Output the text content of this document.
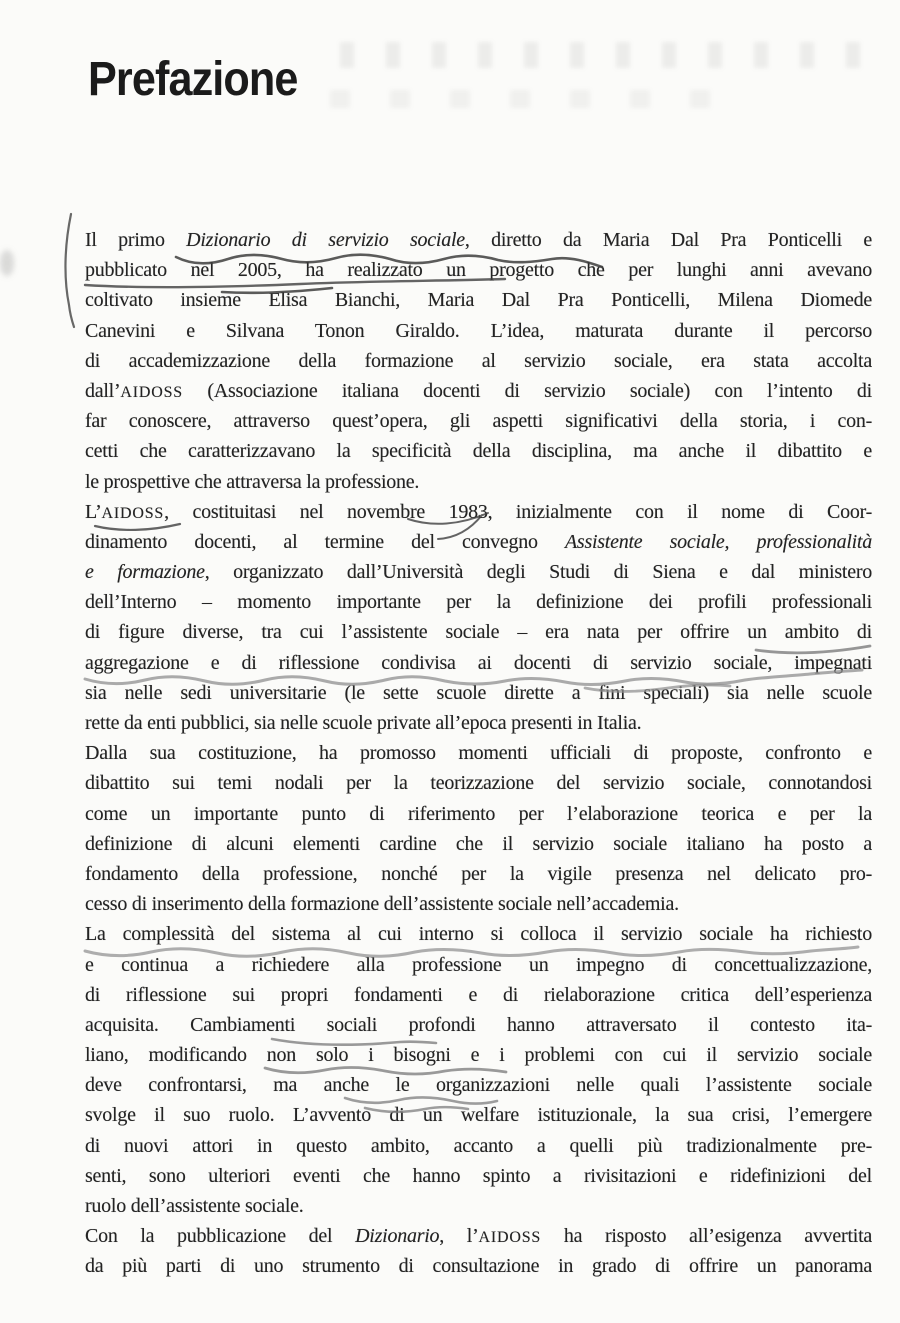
Prefazione
Il primo Dizionario di servizio sociale, diretto da Maria Dal Pra Ponticelli e
pubblicato nel 2005, ha realizzato un progetto che per lunghi anni avevano
coltivato insieme Elisa Bianchi, Maria Dal Pra Ponticelli, Milena Diomede
Canevini e Silvana Tonon Giraldo. L’idea, maturata durante il percorso
di accademizzazione della formazione al servizio sociale, era stata accolta
dall’AIDOSS (Associazione italiana docenti di servizio sociale) con l’intento di
far conoscere, attraverso quest’opera, gli aspetti significativi della storia, i con-
cetti che caratterizzavano la specificità della disciplina, ma anche il dibattito e
le prospettive che attraversa la professione.
L’AIDOSS, costituitasi nel novembre 1983, inizialmente con il nome di Coor-
dinamento docenti, al termine del convegno Assistente sociale, professionalità
e formazione, organizzato dall’Università degli Studi di Siena e dal ministero
dell’Interno – momento importante per la definizione dei profili professionali
di figure diverse, tra cui l’assistente sociale – era nata per offrire un ambito di
aggregazione e di riflessione condivisa ai docenti di servizio sociale, impegnati
sia nelle sedi universitarie (le sette scuole dirette a fini speciali) sia nelle scuole
rette da enti pubblici, sia nelle scuole private all’epoca presenti in Italia.
Dalla sua costituzione, ha promosso momenti ufficiali di proposte, confronto e
dibattito sui temi nodali per la teorizzazione del servizio sociale, connotandosi
come un importante punto di riferimento per l’elaborazione teorica e per la
definizione di alcuni elementi cardine che il servizio sociale italiano ha posto a
fondamento della professione, nonché per la vigile presenza nel delicato pro-
cesso di inserimento della formazione dell’assistente sociale nell’accademia.
La complessità del sistema al cui interno si colloca il servizio sociale ha richiesto
e continua a richiedere alla professione un impegno di concettualizzazione,
di riflessione sui propri fondamenti e di rielaborazione critica dell’esperienza
acquisita. Cambiamenti sociali profondi hanno attraversato il contesto ita-
liano, modificando non solo i bisogni e i problemi con cui il servizio sociale
deve confrontarsi, ma anche le organizzazioni nelle quali l’assistente sociale
svolge il suo ruolo. L’avvento di un welfare istituzionale, la sua crisi, l’emergere
di nuovi attori in questo ambito, accanto a quelli più tradizionalmente pre-
senti, sono ulteriori eventi che hanno spinto a rivisitazioni e ridefinizioni del
ruolo dell’assistente sociale.
Con la pubblicazione del Dizionario, l’AIDOSS ha risposto all’esigenza avvertita
da più parti di uno strumento di consultazione in grado di offrire un panorama
